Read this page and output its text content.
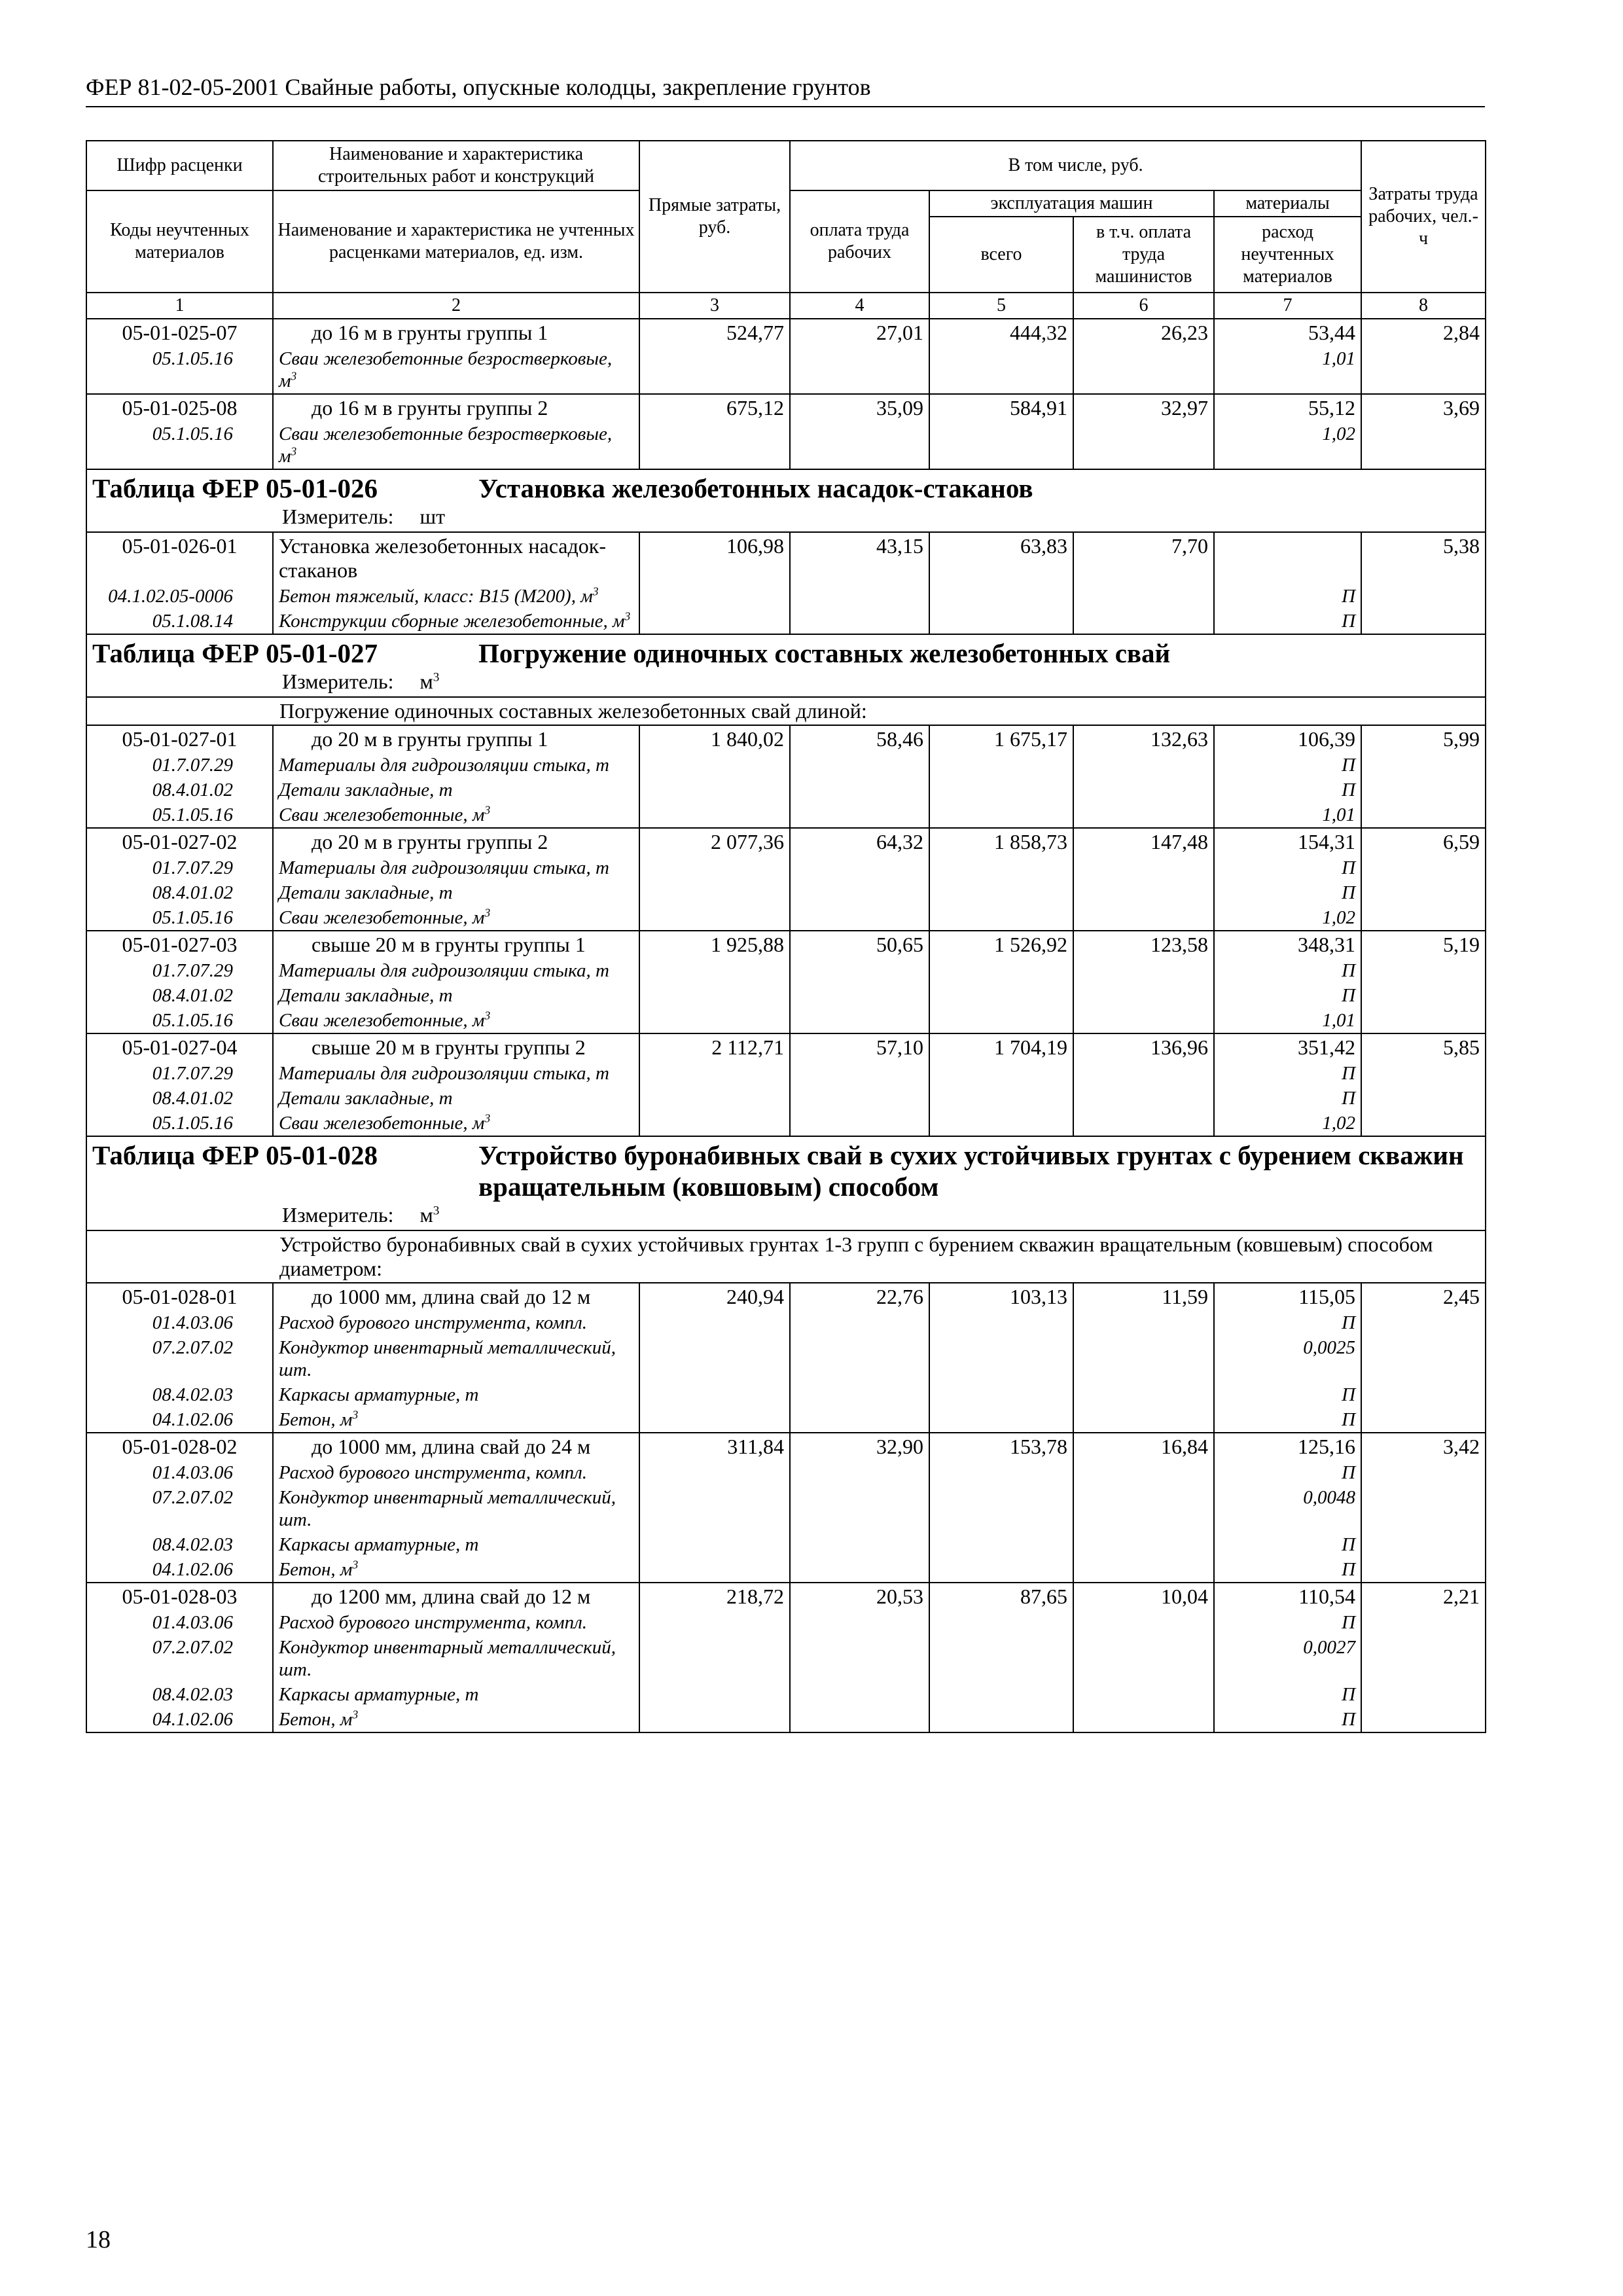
ФЕР 81-02-05-2001 Свайные работы, опускные колодцы, закрепление грунтов
Шифр расценки	Наименование и характеристика строительных работ и конструкций	Прямые затраты, руб.	В том числе, руб.				Затраты труда рабочих, чел.-ч
Коды неучтенных материалов	Наименование и характеристика не учтенных расценками материалов, ед. изм.		оплата труда рабочих	эксплуатация машин		материалы	
				всего	в т.ч. оплата труда машинистов	расход неучтенных материалов	
1	2	3	4	5	6	7	8
05-01-025-07	до 16 м в грунты группы 1	524,77	27,01	444,32	26,23	53,44	2,84
05.1.05.16	Сваи железобетонные безростверковые, $м^3$					1,01	
05-01-025-08	до 16 м в грунты группы 2	675,12	35,09	584,91	32,97	55,12	3,69
05.1.05.16	Сваи железобетонные безростверковые, $м^3$					1,02	

Таблица ФЕР 05-01-026 Установка железобетонных насадок-стаканов
Измеритель: шт							

05-01-026-01	Установка железобетонных насадок-стаканов	106,98	43,15	63,83	7,70		5,38
04.1.02.05-0006	Бетон тяжелый, класс: В15 (М200), $м^3$					П	
05.1.08.14	Конструкции сборные железобетонные, $м^3$					П	

Таблица ФЕР 05-01-027 Погружение одиночных составных железобетонных свай
Измеритель: $м^3$

Погружение одиночных составных железобетонных свай длиной:							
05-01-027-01	до 20 м в грунты группы 1	1 840,02	58,46	1 675,17	132,63	106,39	5,99
01.7.07.29	Материалы для гидроизоляции стыка, т					П	
08.4.01.02	Детали закладные, т					П	
05.1.05.16	Сваи железобетонные, $м^3$					1,01	
05-01-027-02	до 20 м в грунты группы 2	2 077,36	64,32	1 858,73	147,48	154,31	6,59
01.7.07.29	Материалы для гидроизоляции стыка, т					П	
08.4.01.02	Детали закладные, т					П	
05.1.05.16	Сваи железобетонные, $м^3$					1,02	
05-01-027-03	свыше 20 м в грунты группы 1	1 925,88	50,65	1 526,92	123,58	348,31	5,19
01.7.07.29	Материалы для гидроизоляции стыка, т					П	
08.4.01.02	Детали закладные, т					П	
05.1.05.16	Сваи железобетонные, $м^3$					1,01	
05-01-027-04	свыше 20 м в грунты группы 2	2 112,71	57,10	1 704,19	136,96	351,42	5,85
01.7.07.29	Материалы для гидроизоляции стыка, т					П	
08.4.01.02	Детали закладные, т					П	
05.1.05.16	Сваи железобетонные, $м^3$					1,02	

Таблица ФЕР 05-01-028 Устройство буронабивных свай в сухих устойчивых грунтах с бурением скважин вращательным (ковшовым) способом
Измеритель: $м^3$

Устройство буронабивных свай в сухих устойчивых грунтах 1-3 групп с бурением скважин вращательным (ковшевым) способом диаметром:							
05-01-028-01	до 1000 мм, длина свай до 12 м	240,94	22,76	103,13	11,59	115,05	2,45
01.4.03.06	Расход бурового инструмента, компл.					П	
07.2.07.02	Кондуктор инвентарный металлический, шт.					0,0025	
08.4.02.03	Каркасы арматурные, т					П	
04.1.02.06	Бетон, $м^3$					П	
05-01-028-02	до 1000 мм, длина свай до 24 м	311,84	32,90	153,78	16,84	125,16	3,42
01.4.03.06	Расход бурового инструмента, компл.					П	
07.2.07.02	Кондуктор инвентарный металлический, шт.					0,0048	
08.4.02.03	Каркасы арматурные, т					П	
04.1.02.06	Бетон, $м^3$					П	
05-01-028-03	до 1200 мм, длина свай до 12 м	218,72	20,53	87,65	10,04	110,54	2,21
01.4.03.06	Расход бурового инструмента, компл.					П	
07.2.07.02	Кондуктор инвентарный металлический, шт.					0,0027	
08.4.02.03	Каркасы арматурные, т					П	
04.1.02.06	Бетон, $м^3$					П	
18
